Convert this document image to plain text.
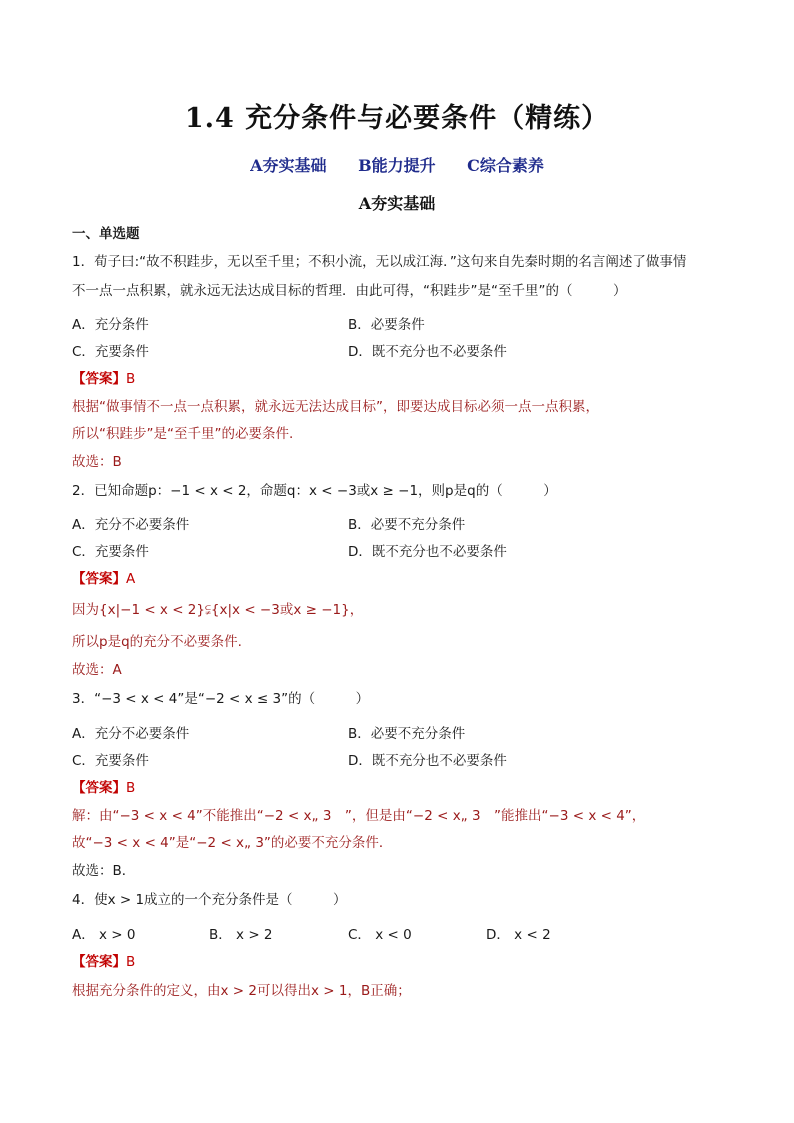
1.4 充分条件与必要条件（精练）
A夯实基础 B能力提升 C综合素养
A夯实基础
一、单选题
1．荀子曰:“故不积跬步，无以至千里；不积小流，无以成江海．”这句来自先秦时期的名言阐述了做事情
不一点一点积累，就永远无法达成目标的哲理．由此可得，“积跬步”是“至千里”的（　　　）
A．充分条件	B．必要条件
C．充要条件	D．既不充分也不必要条件
【答案】B
根据“做事情不一点一点积累，就永远无法达成目标”，即要达成目标必须一点一点积累，
所以“积跬步”是“至千里”的必要条件.
故选：B
2．已知命题p：−1 < x < 2，命题q：x < −3或x ≥ −1，则p是q的（　　　）
A．充分不必要条件	B．必要不充分条件
C．充要条件	D．既不充分也不必要条件
【答案】A
因为{x|−1 < x < 2}⫋{x|x < −3或x ≥ −1}，
所以p是q的充分不必要条件.
故选：A
3．“−3 < x < 4”是“−2 < x ≤ 3”的（　　　）
A．充分不必要条件	B．必要不充分条件
C．充要条件	D．既不充分也不必要条件
【答案】B
解：由“−3 < x < 4”不能推出“−2 < x„ 3　”，但是由“−2 < x„ 3　”能推出“−3 < x < 4”，
故“−3 < x < 4”是“−2 < x„ 3”的必要不充分条件．
故选：B．
4．使x > 1成立的一个充分条件是（　　　）
A． x > 0	B． x > 2	C． x < 0	D． x < 2
【答案】B
根据充分条件的定义，由x > 2可以得出x > 1，B正确；
